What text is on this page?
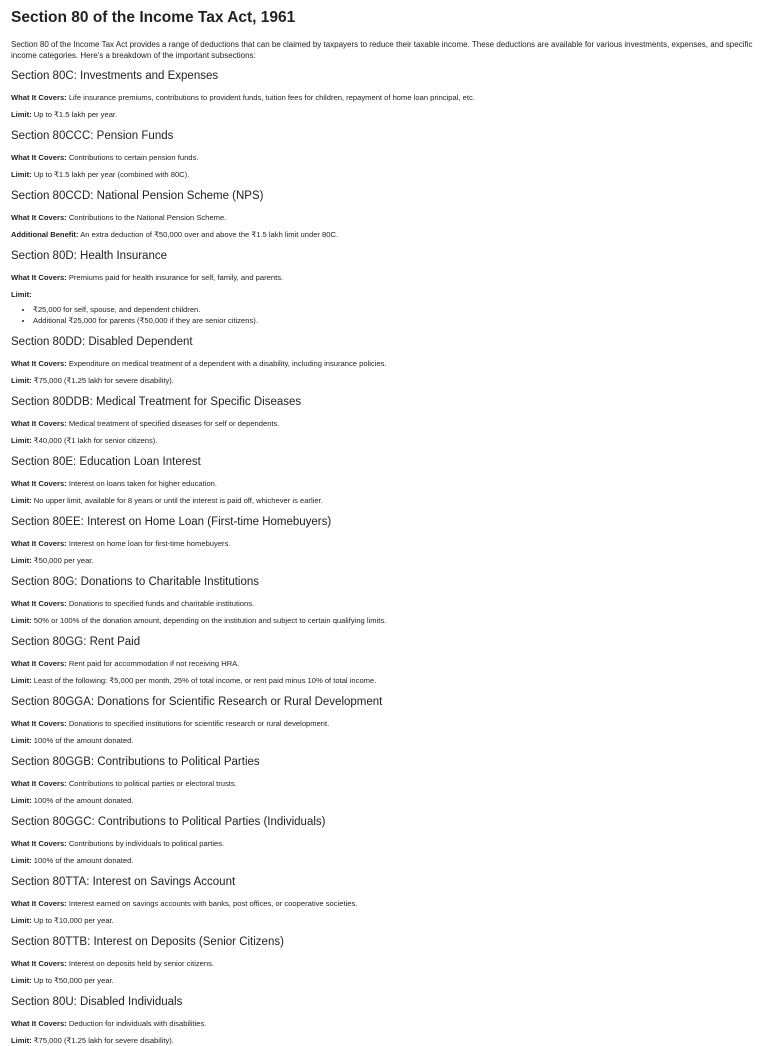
Section 80 of the Income Tax Act, 1961

Section 80 of the Income Tax Act provides a range of deductions that can be claimed by taxpayers to reduce their taxable income. These deductions are available for various investments, expenses, and specific income categories. Here's a breakdown of the important subsections:

Section 80C: Investments and Expenses

What It Covers: Life insurance premiums, contributions to provident funds, tuition fees for children, repayment of home loan principal, etc.

Limit: Up to ₹1.5 lakh per year.

Section 80CCC: Pension Funds

What It Covers: Contributions to certain pension funds.

Limit: Up to ₹1.5 lakh per year (combined with 80C).

Section 80CCD: National Pension Scheme (NPS)

What It Covers: Contributions to the National Pension Scheme.

Additional Benefit: An extra deduction of ₹50,000 over and above the ₹1.5 lakh limit under 80C.

Section 80D: Health Insurance

What It Covers: Premiums paid for health insurance for self, family, and parents.

Limit:

• ₹25,000 for self, spouse, and dependent children.
• Additional ₹25,000 for parents (₹50,000 if they are senior citizens).
Section 80DD: Disabled Dependent

What It Covers: Expenditure on medical treatment of a dependent with a disability, including insurance policies.

Limit: ₹75,000 (₹1.25 lakh for severe disability).

Section 80DDB: Medical Treatment for Specific Diseases

What It Covers: Medical treatment of specified diseases for self or dependents.

Limit: ₹40,000 (₹1 lakh for senior citizens).

Section 80E: Education Loan Interest

What It Covers: Interest on loans taken for higher education.

Limit: No upper limit, available for 8 years or until the interest is paid off, whichever is earlier.

Section 80EE: Interest on Home Loan (First-time Homebuyers)

What It Covers: Interest on home loan for first-time homebuyers.

Limit: ₹50,000 per year.

Section 80G: Donations to Charitable Institutions

What It Covers: Donations to specified funds and charitable institutions.

Limit: 50% or 100% of the donation amount, depending on the institution and subject to certain qualifying limits.

Section 80GG: Rent Paid

What It Covers: Rent paid for accommodation if not receiving HRA.

Limit: Least of the following: ₹5,000 per month, 25% of total income, or rent paid minus 10% of total income.

Section 80GGA: Donations for Scientific Research or Rural Development

What It Covers: Donations to specified institutions for scientific research or rural development.

Limit: 100% of the amount donated.

Section 80GGB: Contributions to Political Parties

What It Covers: Contributions to political parties or electoral trusts.

Limit: 100% of the amount donated.

Section 80GGC: Contributions to Political Parties (Individuals)

What It Covers: Contributions by individuals to political parties.

Limit: 100% of the amount donated.

Section 80TTA: Interest on Savings Account

What It Covers: Interest earned on savings accounts with banks, post offices, or cooperative societies.

Limit: Up to ₹10,000 per year.

Section 80TTB: Interest on Deposits (Senior Citizens)

What It Covers: Interest on deposits held by senior citizens.

Limit: Up to ₹50,000 per year.

Section 80U: Disabled Individuals

What It Covers: Deduction for individuals with disabilities.

Limit: ₹75,000 (₹1.25 lakh for severe disability).
